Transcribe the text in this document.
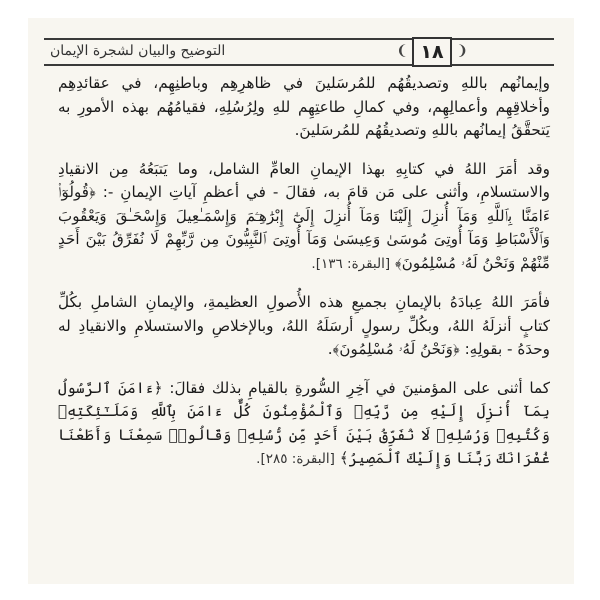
التوضيح والبيان لشجرة الإيمان	❨ ١٨ ❩

وإيمانُهم باللهِ وتصديقُهُم للمُرسَلينَ في ظاهرِهِم وباطنِهِم، في عقائدِهِم وأخلاقِهِم وأعمالِهِم، وفي كمالِ طاعتِهِم للهِ ولِرُسُلِهِ، فقيامُهُم بهذه الأمورِ به يَتحقَّقُ إيمانُهم باللهِ وتصديقُهُم للمُرسَلينَ.

وقد أمَرَ اللهُ في كتابِهِ بهذا الإيمانِ العامِّ الشامل، وما يَتبَعُهُ مِن الانقيادِ والاستسلامِ، وأثنى على مَن قامَ به، فقالَ - في أعظمِ آياتِ الإيمانِ -: ﴿قُولُوٓا۟ ءَامَنَّا بِٱللَّهِ وَمَآ أُنزِلَ إِلَيْنَا وَمَآ أُنزِلَ إِلَىٰٓ إِبْرَٰهِـۧمَ وَإِسْمَـٰعِيلَ وَإِسْحَـٰقَ وَيَعْقُوبَ وَٱلْأَسْبَاطِ وَمَآ أُوتِىَ مُوسَىٰ وَعِيسَىٰ وَمَآ أُوتِىَ ٱلنَّبِيُّونَ مِن رَّبِّهِمْ لَا نُفَرِّقُ بَيْنَ أَحَدٍ مِّنْهُمْ وَنَحْنُ لَهُۥ مُسْلِمُونَ﴾ [البقرة: ١٣٦].

فأمَرَ اللهُ عِبادَهُ بالإيمانِ بجميعِ هذه الأُصولِ العظيمةِ، والإيمانِ الشاملِ بكُلِّ كتابٍ أنزلَهُ اللهُ، وبكُلِّ رسولٍ أرسَلَهُ اللهُ، وبالإخلاصِ والاستسلامِ والانقيادِ له وحدَهُ - بقولِهِ: ﴿وَنَحْنُ لَهُۥ مُسْلِمُونَ﴾.

كما أثنى على المؤمنينَ في آخِرِ السُّورةِ بالقيامِ بذلك فقالَ: ﴿ءَامَنَ ٱلرَّسُولُ بِمَآ أُنزِلَ إِلَيْهِ مِن رَّبِّهِۦ وَٱلْمُؤْمِنُونَ كُلٌّ ءَامَنَ بِٱللَّهِ وَمَلَـٰٓئِكَتِهِۦ وَكُتُبِهِۦ وَرُسُلِهِۦ لَا نُفَرِّقُ بَيْنَ أَحَدٍ مِّن رُّسُلِهِۦ وَقَالُوا۟ سَمِعْنَا وَأَطَعْنَا غُفْرَانَكَ رَبَّنَا وَإِلَيْكَ ٱلْمَصِيرُ﴾ [البقرة: ٢٨٥].
